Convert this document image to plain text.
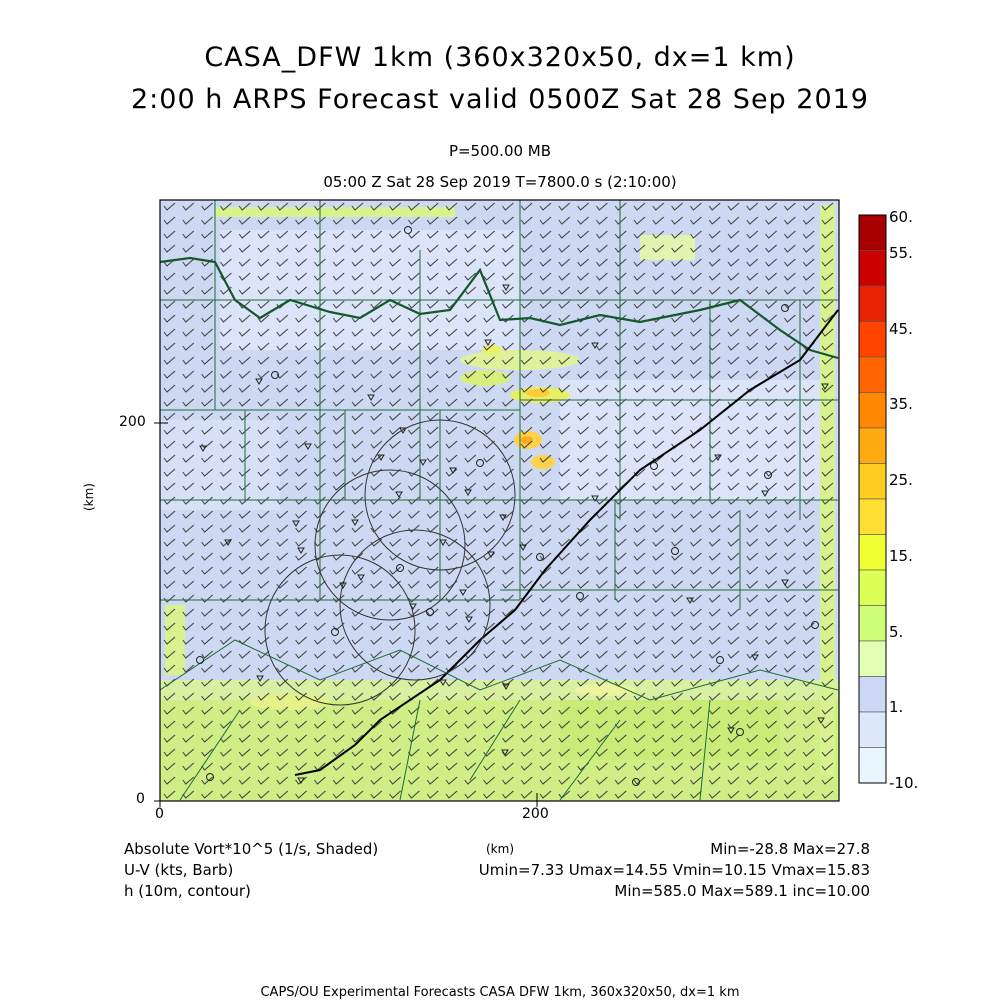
CASA_DFW 1km (360x320x50, dx=1 km)
2:00 h ARPS Forecast valid 0500Z Sat 28 Sep 2019
P=500.00 MB
05:00 Z Sat 28 Sep 2019 T=7800.0 s (2:10:00)
0
200
0	200
(km)
(km)
60.
55.
45.
35.
25.
15.
5.
1.
-10.
Absolute Vort*10^5 (1/s, Shaded)
U-V (kts, Barb)
h (10m, contour)
Min=-28.8 Max=27.8
Umin=7.33 Umax=14.55 Vmin=10.15 Vmax=15.83
Min=585.0 Max=589.1 inc=10.00
CAPS/OU Experimental Forecasts CASA DFW 1km, 360x320x50, dx=1 km
